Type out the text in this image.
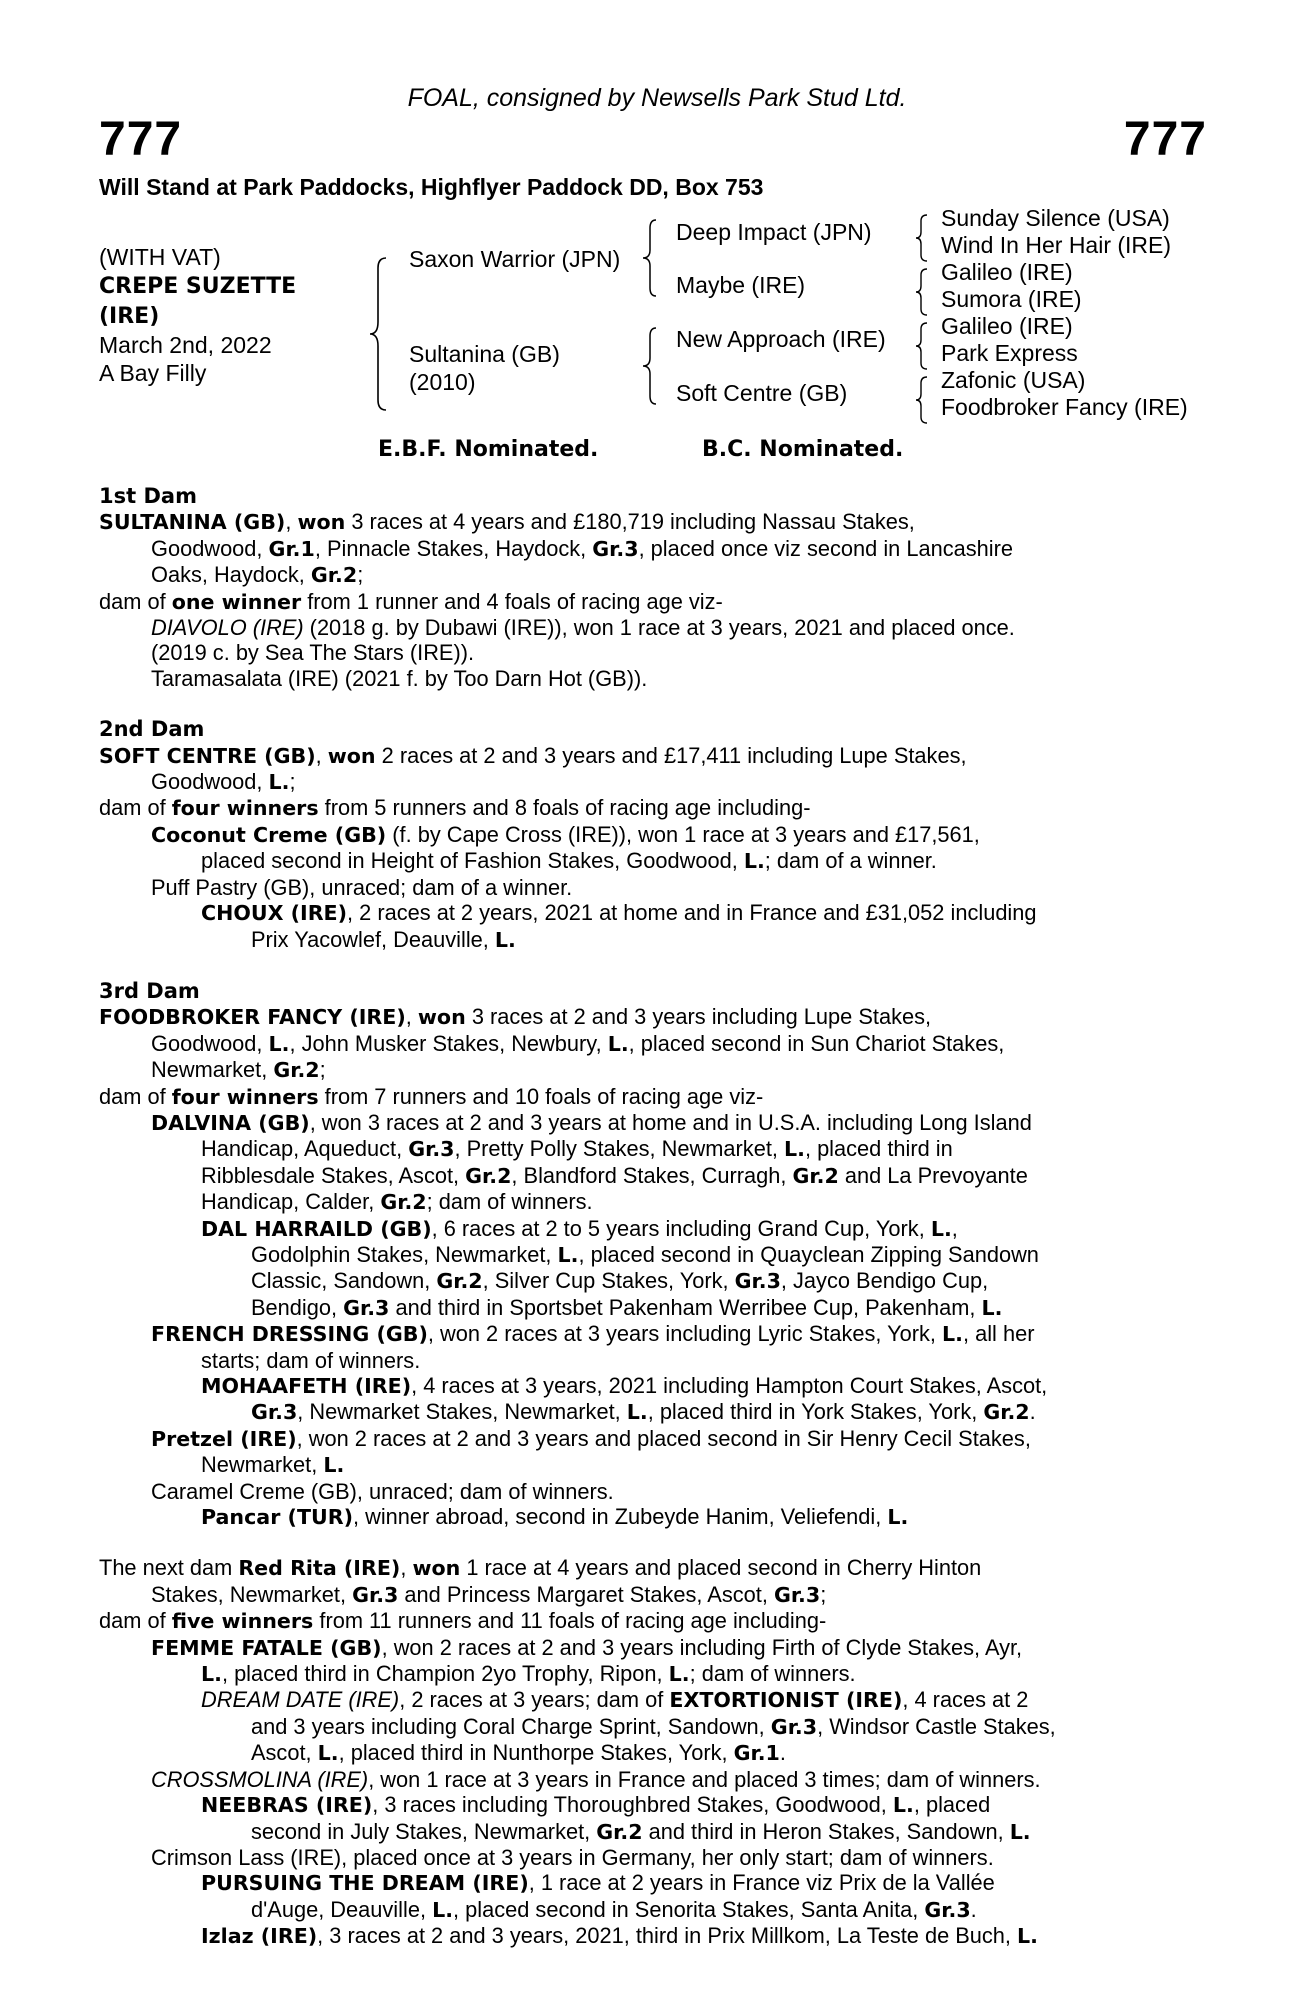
FOAL, consigned by Newsells Park Stud Ltd.
777	777
Will Stand at Park Paddocks, Highflyer Paddock DD, Box 753
(WITH VAT)
CREPE SUZETTE
(IRE)
March 2nd, 2022
A Bay Filly
Saxon Warrior (JPN)
Sultanina (GB)
(2010)
Deep Impact (JPN)
Maybe (IRE)
New Approach (IRE)
Soft Centre (GB)
Sunday Silence (USA)
Wind In Her Hair (IRE)
Galileo (IRE)
Sumora (IRE)
Galileo (IRE)
Park Express
Zafonic (USA)
Foodbroker Fancy (IRE)
E.B.F. Nominated.	B.C. Nominated.
1st Dam
SULTANINA (GB), won 3 races at 4 years and £180,719 including Nassau Stakes,
Goodwood, Gr.1, Pinnacle Stakes, Haydock, Gr.3, placed once viz second in Lancashire
Oaks, Haydock, Gr.2;
dam of one winner from 1 runner and 4 foals of racing age viz-
DIAVOLO (IRE) (2018 g. by Dubawi (IRE)), won 1 race at 3 years, 2021 and placed once.
(2019 c. by Sea The Stars (IRE)).
Taramasalata (IRE) (2021 f. by Too Darn Hot (GB)).
2nd Dam
SOFT CENTRE (GB), won 2 races at 2 and 3 years and £17,411 including Lupe Stakes,
Goodwood, L.;
dam of four winners from 5 runners and 8 foals of racing age including-
Coconut Creme (GB) (f. by Cape Cross (IRE)), won 1 race at 3 years and £17,561,
placed second in Height of Fashion Stakes, Goodwood, L.; dam of a winner.
Puff Pastry (GB), unraced; dam of a winner.
CHOUX (IRE), 2 races at 2 years, 2021 at home and in France and £31,052 including
Prix Yacowlef, Deauville, L.
3rd Dam
FOODBROKER FANCY (IRE), won 3 races at 2 and 3 years including Lupe Stakes,
Goodwood, L., John Musker Stakes, Newbury, L., placed second in Sun Chariot Stakes,
Newmarket, Gr.2;
dam of four winners from 7 runners and 10 foals of racing age viz-
DALVINA (GB), won 3 races at 2 and 3 years at home and in U.S.A. including Long Island
Handicap, Aqueduct, Gr.3, Pretty Polly Stakes, Newmarket, L., placed third in
Ribblesdale Stakes, Ascot, Gr.2, Blandford Stakes, Curragh, Gr.2 and La Prevoyante
Handicap, Calder, Gr.2; dam of winners.
DAL HARRAILD (GB), 6 races at 2 to 5 years including Grand Cup, York, L.,
Godolphin Stakes, Newmarket, L., placed second in Quayclean Zipping Sandown
Classic, Sandown, Gr.2, Silver Cup Stakes, York, Gr.3, Jayco Bendigo Cup,
Bendigo, Gr.3 and third in Sportsbet Pakenham Werribee Cup, Pakenham, L.
FRENCH DRESSING (GB), won 2 races at 3 years including Lyric Stakes, York, L., all her
starts; dam of winners.
MOHAAFETH (IRE), 4 races at 3 years, 2021 including Hampton Court Stakes, Ascot,
Gr.3, Newmarket Stakes, Newmarket, L., placed third in York Stakes, York, Gr.2.
Pretzel (IRE), won 2 races at 2 and 3 years and placed second in Sir Henry Cecil Stakes,
Newmarket, L.
Caramel Creme (GB), unraced; dam of winners.
Pancar (TUR), winner abroad, second in Zubeyde Hanim, Veliefendi, L.
The next dam Red Rita (IRE), won 1 race at 4 years and placed second in Cherry Hinton
Stakes, Newmarket, Gr.3 and Princess Margaret Stakes, Ascot, Gr.3;
dam of five winners from 11 runners and 11 foals of racing age including-
FEMME FATALE (GB), won 2 races at 2 and 3 years including Firth of Clyde Stakes, Ayr,
L., placed third in Champion 2yo Trophy, Ripon, L.; dam of winners.
DREAM DATE (IRE), 2 races at 3 years; dam of EXTORTIONIST (IRE), 4 races at 2
and 3 years including Coral Charge Sprint, Sandown, Gr.3, Windsor Castle Stakes,
Ascot, L., placed third in Nunthorpe Stakes, York, Gr.1.
CROSSMOLINA (IRE), won 1 race at 3 years in France and placed 3 times; dam of winners.
NEEBRAS (IRE), 3 races including Thoroughbred Stakes, Goodwood, L., placed
second in July Stakes, Newmarket, Gr.2 and third in Heron Stakes, Sandown, L.
Crimson Lass (IRE), placed once at 3 years in Germany, her only start; dam of winners.
PURSUING THE DREAM (IRE), 1 race at 2 years in France viz Prix de la Vallée
d'Auge, Deauville, L., placed second in Senorita Stakes, Santa Anita, Gr.3.
Izlaz (IRE), 3 races at 2 and 3 years, 2021, third in Prix Millkom, La Teste de Buch, L.
